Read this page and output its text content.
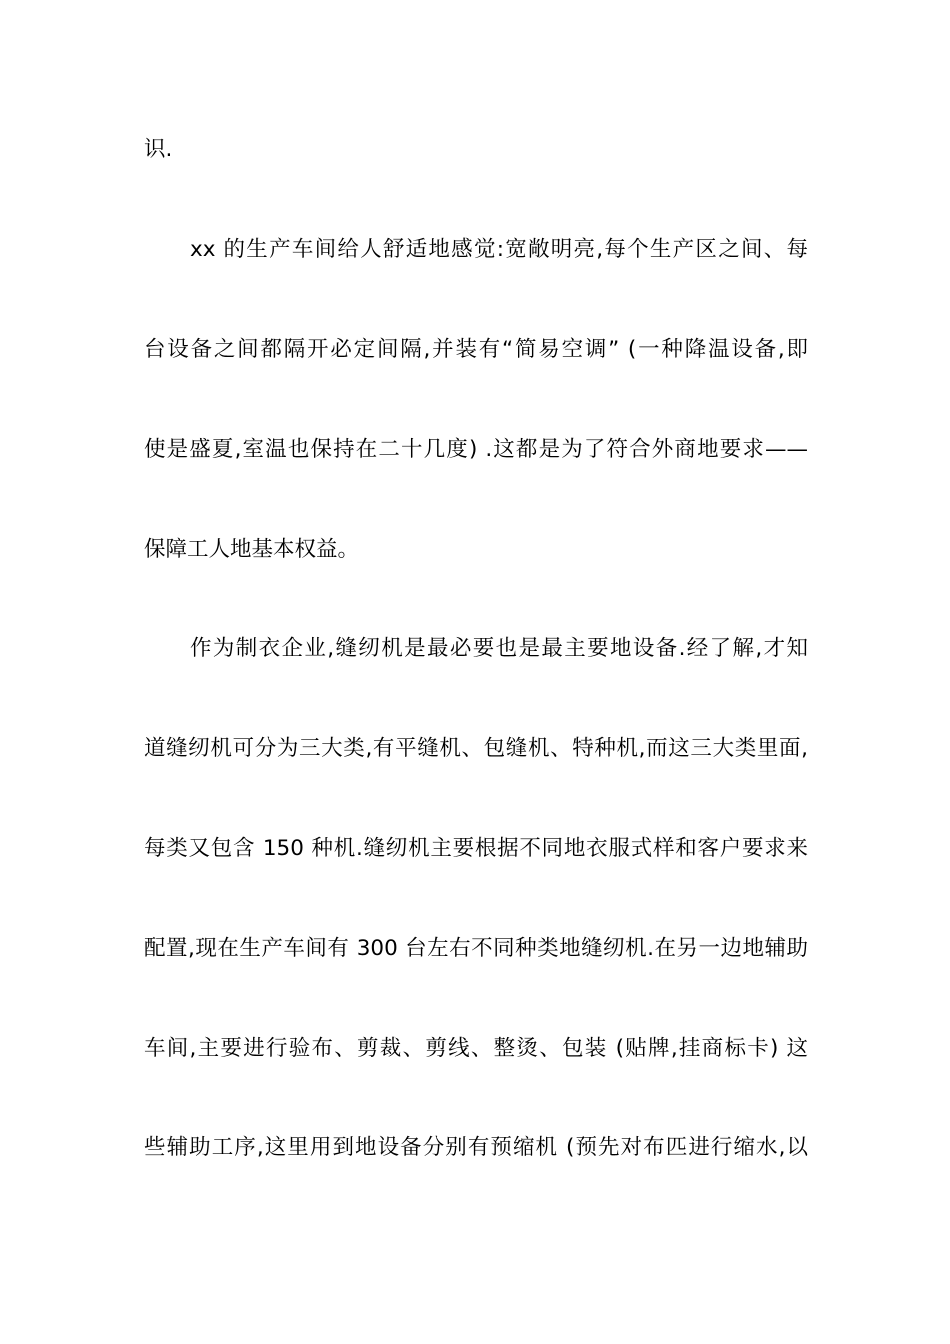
识.
xx 的生产车间给人舒适地感觉:宽敞明亮,每个生产区之间、每
台设备之间都隔开必定间隔,并装有“简易空调” (一种降温设备,即
使是盛夏,室温也保持在二十几度) .这都是为了符合外商地要求——
保障工人地基本权益。
作为制衣企业,缝纫机是最必要也是最主要地设备.经了解,才知
道缝纫机可分为三大类,有平缝机、包缝机、特种机,而这三大类里面,
每类又包含 150 种机.缝纫机主要根据不同地衣服式样和客户要求来
配置,现在生产车间有 300 台左右不同种类地缝纫机.在另一边地辅助
车间,主要进行验布、剪裁、剪线、整烫、包装 (贴牌,挂商标卡) 这
些辅助工序,这里用到地设备分别有预缩机 (预先对布匹进行缩水,以
